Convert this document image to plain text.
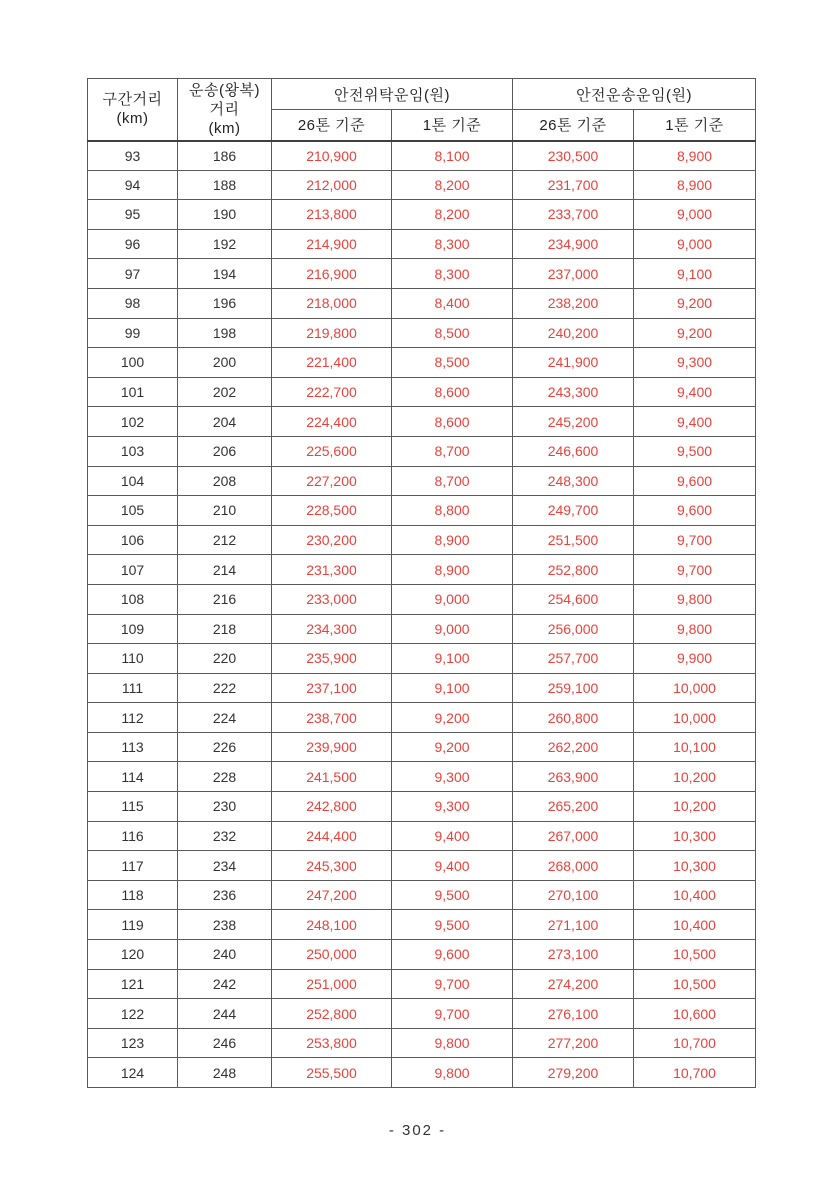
구간거리
(km)	운송(왕복)
거리
(km)	안전위탁운임(원)		안전운송운임(원)	
		26톤 기준	1톤 기준	26톤 기준	1톤 기준
93	186	210,900	8,100	230,500	8,900
94	188	212,000	8,200	231,700	8,900
95	190	213,800	8,200	233,700	9,000
96	192	214,900	8,300	234,900	9,000
97	194	216,900	8,300	237,000	9,100
98	196	218,000	8,400	238,200	9,200
99	198	219,800	8,500	240,200	9,200
100	200	221,400	8,500	241,900	9,300
101	202	222,700	8,600	243,300	9,400
102	204	224,400	8,600	245,200	9,400
103	206	225,600	8,700	246,600	9,500
104	208	227,200	8,700	248,300	9,600
105	210	228,500	8,800	249,700	9,600
106	212	230,200	8,900	251,500	9,700
107	214	231,300	8,900	252,800	9,700
108	216	233,000	9,000	254,600	9,800
109	218	234,300	9,000	256,000	9,800
110	220	235,900	9,100	257,700	9,900
111	222	237,100	9,100	259,100	10,000
112	224	238,700	9,200	260,800	10,000
113	226	239,900	9,200	262,200	10,100
114	228	241,500	9,300	263,900	10,200
115	230	242,800	9,300	265,200	10,200
116	232	244,400	9,400	267,000	10,300
117	234	245,300	9,400	268,000	10,300
118	236	247,200	9,500	270,100	10,400
119	238	248,100	9,500	271,100	10,400
120	240	250,000	9,600	273,100	10,500
121	242	251,000	9,700	274,200	10,500
122	244	252,800	9,700	276,100	10,600
123	246	253,800	9,800	277,200	10,700
124	248	255,500	9,800	279,200	10,700
- 302 -
